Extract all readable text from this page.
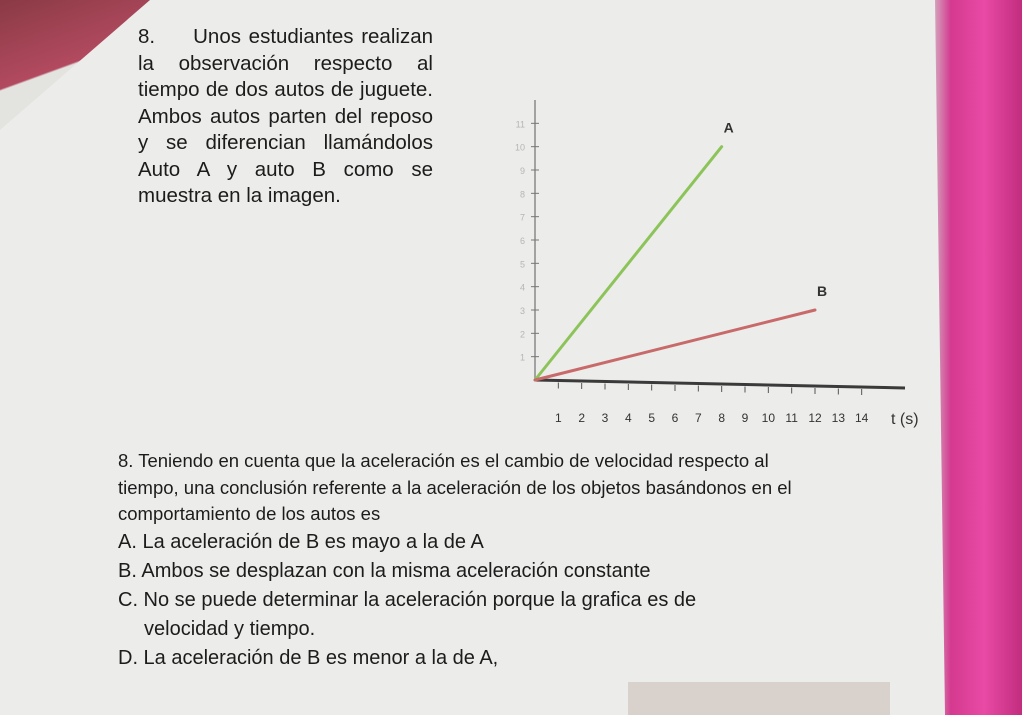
8. Unos estudiantes realizan la observación respecto al tiempo de dos autos de juguete. Ambos autos parten del reposo y se diferencian llamándolos Auto A y auto B como se muestra en la imagen.
1
2
3
4
5
6
7
8
9
10
11
1 2 3 4 5 6 7 8 9 10 11 12 13 14 t (s)
A
B
8. Teniendo en cuenta que la aceleración es el cambio de velocidad respecto al tiempo, una conclusión referente a la aceleración de los objetos basándonos en el comportamiento de los autos es
A. La aceleración de B es mayo a la de A
B. Ambos se desplazan con la misma aceleración constante
C. No se puede determinar la aceleración porque la grafica es de
velocidad y tiempo.
D. La aceleración de B es menor a la de A,
